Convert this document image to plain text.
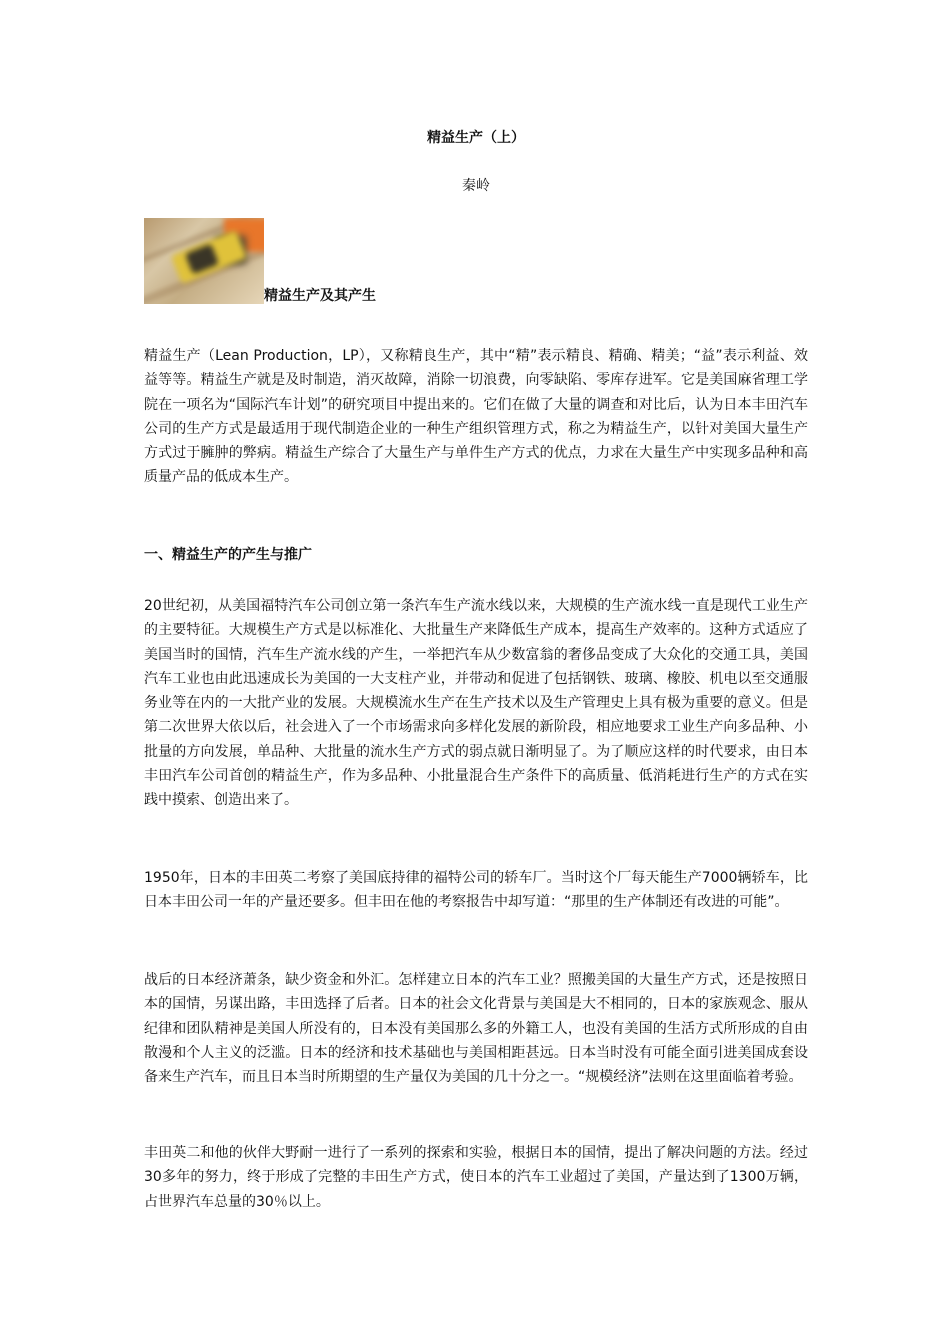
精益生产（上）
秦岭
精益生产及其产生

精益生产（Lean Production，LP），又称精良生产，其中“精”表示精良、精确、精美；“益”表示利益、效益等等。精益生产就是及时制造，消灭故障，消除一切浪费，向零缺陷、零库存进军。它是美国麻省理工学院在一项名为“国际汽车计划”的研究项目中提出来的。它们在做了大量的调查和对比后，认为日本丰田汽车公司的生产方式是最适用于现代制造企业的一种生产组织管理方式，称之为精益生产，以针对美国大量生产方式过于臃肿的弊病。精益生产综合了大量生产与单件生产方式的优点，力求在大量生产中实现多品种和高质量产品的低成本生产。

一、精益生产的产生与推广

20世纪初，从美国福特汽车公司创立第一条汽车生产流水线以来，大规模的生产流水线一直是现代工业生产的主要特征。大规模生产方式是以标准化、大批量生产来降低生产成本，提高生产效率的。这种方式适应了美国当时的国情，汽车生产流水线的产生，一举把汽车从少数富翁的奢侈品变成了大众化的交通工具，美国汽车工业也由此迅速成长为美国的一大支柱产业，并带动和促进了包括钢铁、玻璃、橡胶、机电以至交通服务业等在内的一大批产业的发展。大规模流水生产在生产技术以及生产管理史上具有极为重要的意义。但是第二次世界大依以后，社会进入了一个市场需求向多样化发展的新阶段，相应地要求工业生产向多品种、小批量的方向发展，单品种、大批量的流水生产方式的弱点就日渐明显了。为了顺应这样的时代要求，由日本丰田汽车公司首创的精益生产，作为多品种、小批量混合生产条件下的高质量、低消耗进行生产的方式在实践中摸索、创造出来了。

1950年，日本的丰田英二考察了美国底持律的福特公司的轿车厂。当时这个厂每天能生产7000辆轿车，比日本丰田公司一年的产量还要多。但丰田在他的考察报告中却写道：“那里的生产体制还有改进的可能”。

战后的日本经济萧条，缺少资金和外汇。怎样建立日本的汽车工业？照搬美国的大量生产方式，还是按照日本的国情，另谋出路，丰田选择了后者。日本的社会文化背景与美国是大不相同的，日本的家族观念、服从纪律和团队精神是美国人所没有的，日本没有美国那么多的外籍工人，也没有美国的生活方式所形成的自由散漫和个人主义的泛滥。日本的经济和技术基础也与美国相距甚远。日本当时没有可能全面引进美国成套设备来生产汽车，而且日本当时所期望的生产量仅为美国的几十分之一。“规模经济”法则在这里面临着考验。

丰田英二和他的伙伴大野耐一进行了一系列的探索和实验，根据日本的国情，提出了解决问题的方法。经过30多年的努力，终于形成了完整的丰田生产方式，使日本的汽车工业超过了美国，产量达到了1300万辆，占世界汽车总量的30％以上。
